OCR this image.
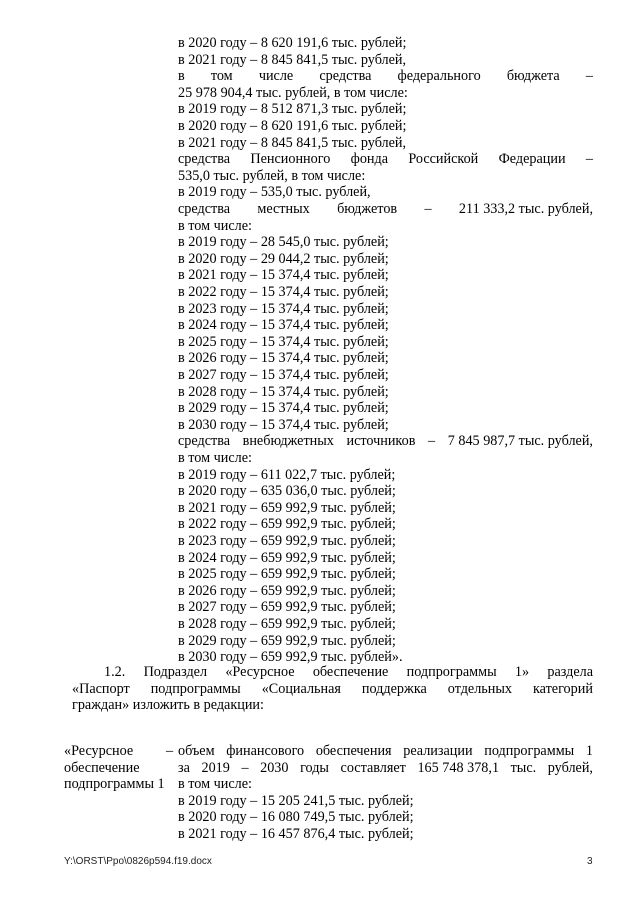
в 2020 году – 8 620 191,6 тыс. рублей;
в 2021 году – 8 845 841,5 тыс. рублей,
в том числе средства федерального бюджета –
25 978 904,4 тыс. рублей, в том числе:
в 2019 году – 8 512 871,3 тыс. рублей;
в 2020 году – 8 620 191,6 тыс. рублей;
в 2021 году – 8 845 841,5 тыс. рублей,
средства Пенсионного фонда Российской Федерации –
535,0 тыс. рублей, в том числе:
в 2019 году – 535,0 тыс. рублей,
средства местных бюджетов – 211 333,2 тыс. рублей,
в том числе:
в 2019 году – 28 545,0 тыс. рублей;
в 2020 году – 29 044,2 тыс. рублей;
в 2021 году – 15 374,4 тыс. рублей;
в 2022 году – 15 374,4 тыс. рублей;
в 2023 году – 15 374,4 тыс. рублей;
в 2024 году – 15 374,4 тыс. рублей;
в 2025 году – 15 374,4 тыс. рублей;
в 2026 году – 15 374,4 тыс. рублей;
в 2027 году – 15 374,4 тыс. рублей;
в 2028 году – 15 374,4 тыс. рублей;
в 2029 году – 15 374,4 тыс. рублей;
в 2030 году – 15 374,4 тыс. рублей;
средства внебюджетных источников – 7 845 987,7 тыс. рублей,
в том числе:
в 2019 году – 611 022,7 тыс. рублей;
в 2020 году – 635 036,0 тыс. рублей;
в 2021 году – 659 992,9 тыс. рублей;
в 2022 году – 659 992,9 тыс. рублей;
в 2023 году – 659 992,9 тыс. рублей;
в 2024 году – 659 992,9 тыс. рублей;
в 2025 году – 659 992,9 тыс. рублей;
в 2026 году – 659 992,9 тыс. рублей;
в 2027 году – 659 992,9 тыс. рублей;
в 2028 году – 659 992,9 тыс. рублей;
в 2029 году – 659 992,9 тыс. рублей;
в 2030 году – 659 992,9 тыс. рублей».
1.2. Подраздел «Ресурсное обеспечение подпрограммы 1» раздела
«Паспорт подпрограммы «Социальная поддержка отдельных категорий
граждан» изложить в редакции:
«Ресурсное
обеспечение
подпрограммы 1
– объем финансового обеспечения реализации подпрограммы 1
за 2019 – 2030 годы составляет 165 748 378,1 тыс. рублей,
в том числе:
в 2019 году – 15 205 241,5 тыс. рублей;
в 2020 году – 16 080 749,5 тыс. рублей;
в 2021 году – 16 457 876,4 тыс. рублей;
Y:\ORST\Ppo\0826p594.f19.docx	3
